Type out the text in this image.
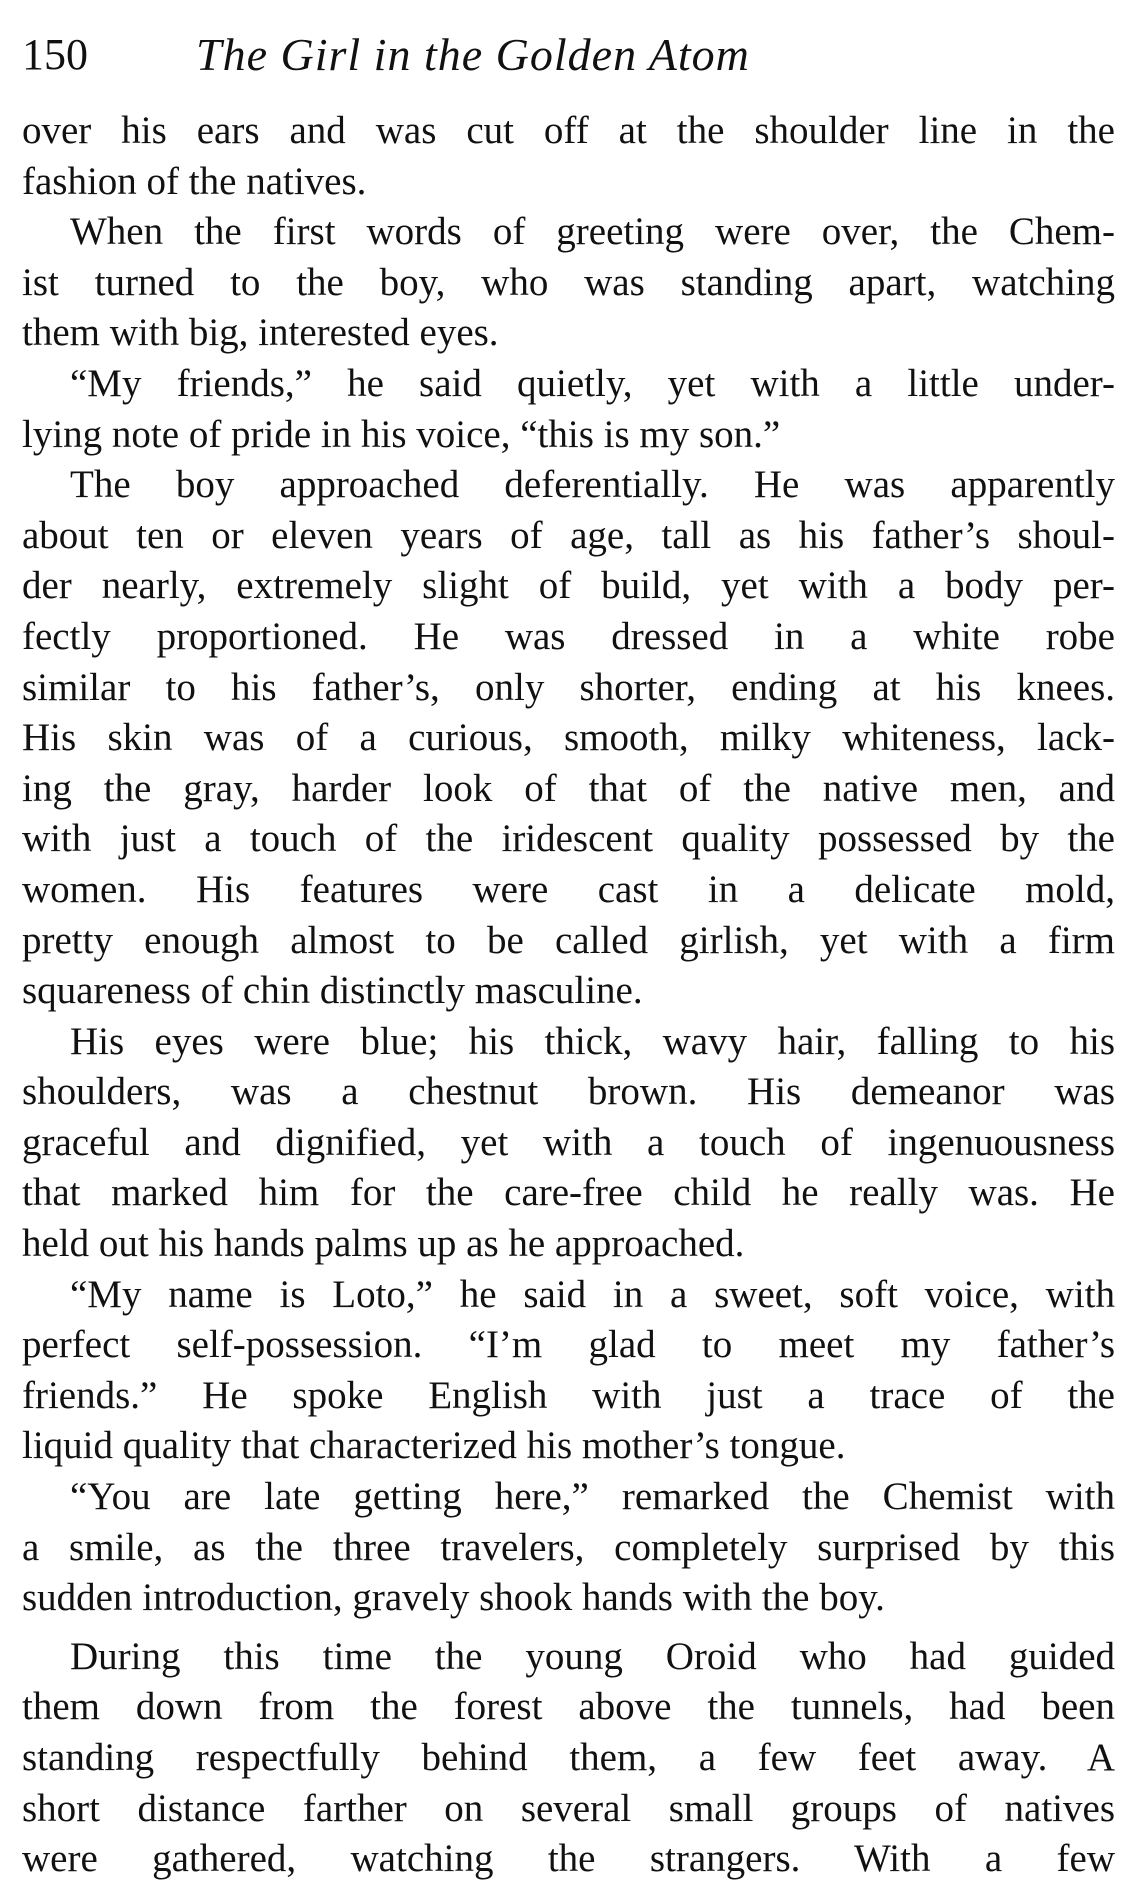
150 The Girl in the Golden Atom

over his ears and was cut off at the shoulder line in the
fashion of the natives.

When the first words of greeting were over, the Chem-
ist turned to the boy, who was standing apart, watching
them with big, interested eyes.

“My friends,” he said quietly, yet with a little under-
lying note of pride in his voice, “this is my son.”

The boy approached deferentially. He was apparently
about ten or eleven years of age, tall as his father’s shoul-
der nearly, extremely slight of build, yet with a body per-
fectly proportioned. He was dressed in a white robe
similar to his father’s, only shorter, ending at his knees.
His skin was of a curious, smooth, milky whiteness, lack-
ing the gray, harder look of that of the native men, and
with just a touch of the iridescent quality possessed by the
women. His features were cast in a delicate mold,
pretty enough almost to be called girlish, yet with a firm
squareness of chin distinctly masculine.

His eyes were blue; his thick, wavy hair, falling to his
shoulders, was a chestnut brown. His demeanor was
graceful and dignified, yet with a touch of ingenuousness
that marked him for the care-free child he really was. He
held out his hands palms up as he approached.

“My name is Loto,” he said in a sweet, soft voice, with
perfect self-possession. “I’m glad to meet my father’s
friends.” He spoke English with just a trace of the
liquid quality that characterized his mother’s tongue.

“You are late getting here,” remarked the Chemist with
a smile, as the three travelers, completely surprised by this
sudden introduction, gravely shook hands with the boy.

During this time the young Oroid who had guided
them down from the forest above the tunnels, had been
standing respectfully behind them, a few feet away. A
short distance farther on several small groups of natives
were gathered, watching the strangers. With a few
